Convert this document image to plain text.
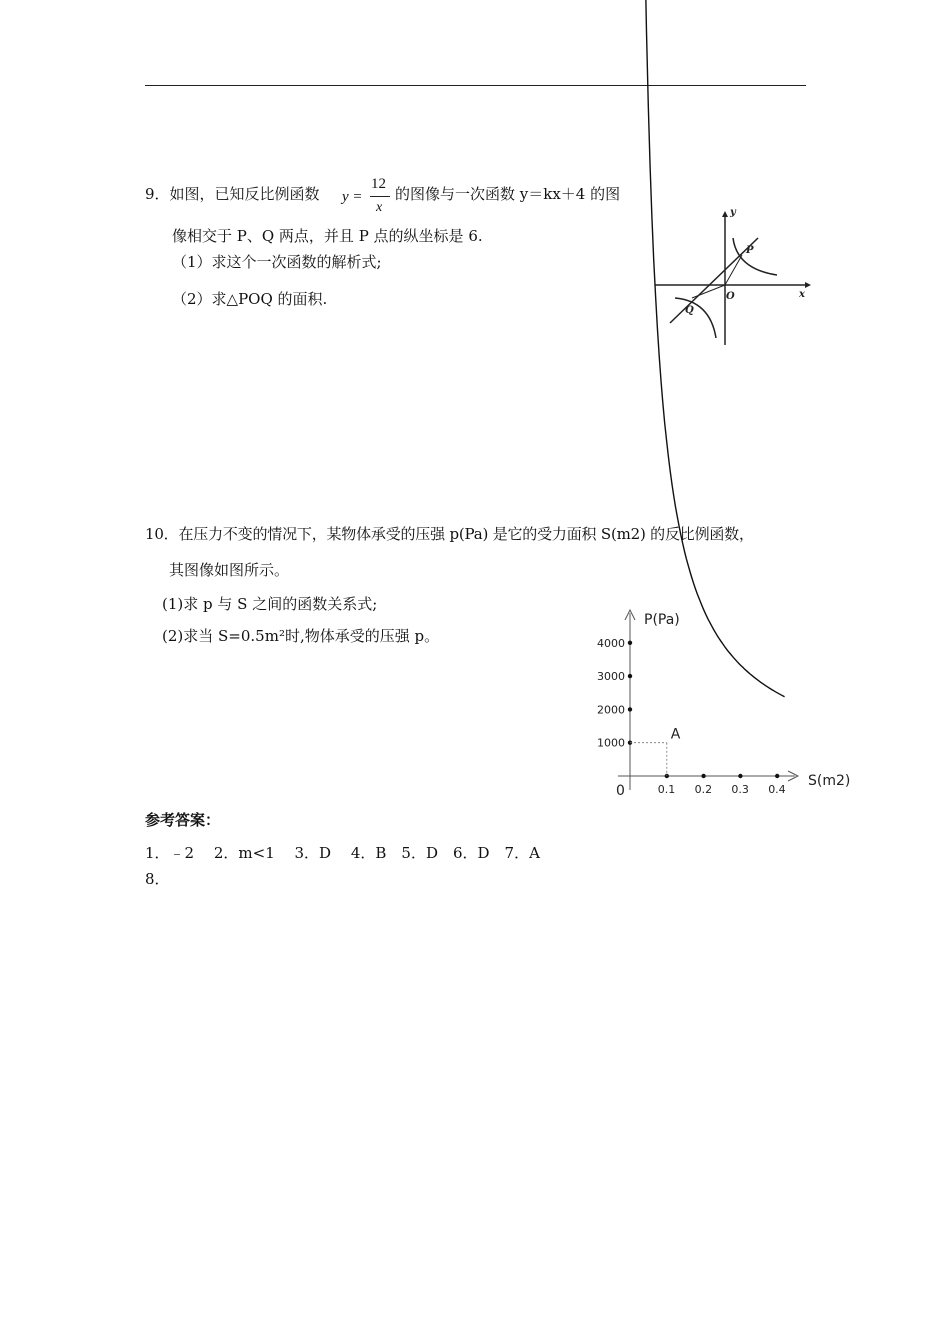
9．如图，已知反比例函数 y =
12
x
的图像与一次函数 y＝kx＋4 的图
像相交于 P、Q 两点，并且 P 点的纵坐标是 6.
（1）求这个一次函数的解析式;
（2）求△POQ 的面积.
y
x
O
P
Q
10．在压力不变的情况下，某物体承受的压强 p(Pa) 是它的受力面积 S(m2) 的反比例函数，
其图像如图所示。
(1)求 p 与 S 之间的函数关系式;
(2)求当 S=0.5m²时,物体承受的压强 p。
P(Pa)
S(m2)
0	0.1 0.2 0.3 0.4
1000
2000
3000
4000
A
参考答案：
1．﹣2　 2．m<1　 3．D　 4．B　5．D　6．D　7．A
8．
